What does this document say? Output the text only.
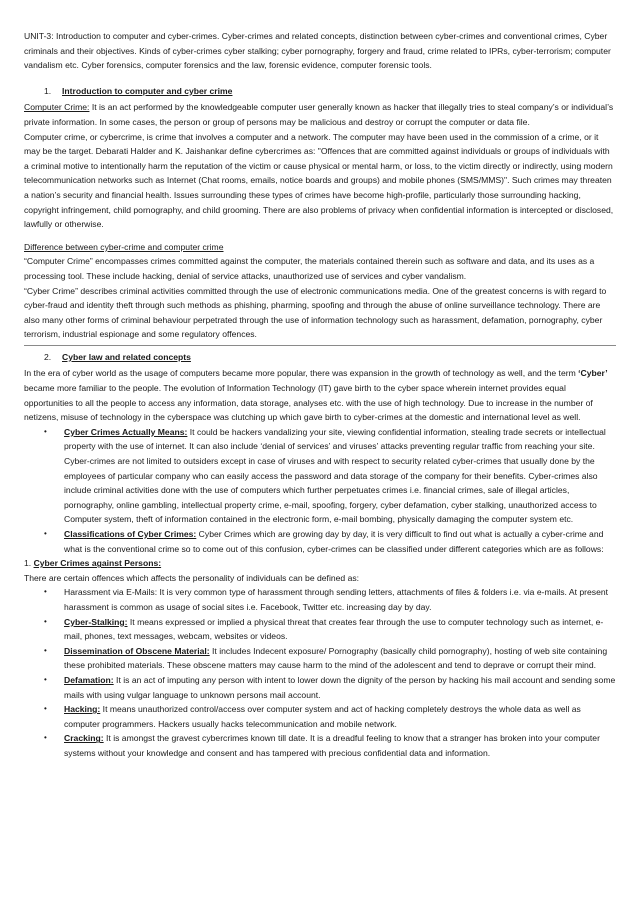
UNIT-3: Introduction to computer and cyber-crimes. Cyber-crimes and related concepts, distinction between cyber-crimes and conventional crimes, Cyber criminals and their objectives. Kinds of cyber-crimes cyber stalking; cyber pornography, forgery and fraud, crime related to IPRs, cyber-terrorism; computer vandalism etc. Cyber forensics, computer forensics and the law, forensic evidence, computer forensic tools.

1. Introduction to computer and cyber crime

Computer Crime: It is an act performed by the knowledgeable computer user generally known as hacker that illegally tries to steal company’s or individual’s private information. In some cases, the person or group of persons may be malicious and destroy or corrupt the computer or data file.

Computer crime, or cybercrime, is crime that involves a computer and a network. The computer may have been used in the commission of a crime, or it may be the target. Debarati Halder and K. Jaishankar define cybercrimes as: "Offences that are committed against individuals or groups of individuals with a criminal motive to intentionally harm the reputation of the victim or cause physical or mental harm, or loss, to the victim directly or indirectly, using modern telecommunication networks such as Internet (Chat rooms, emails, notice boards and groups) and mobile phones (SMS/MMS)". Such crimes may threaten a nation’s security and financial health. Issues surrounding these types of crimes have become high-profile, particularly those surrounding hacking, copyright infringement, child pornography, and child grooming. There are also problems of privacy when confidential information is intercepted or disclosed, lawfully or otherwise.

Difference between cyber-crime and computer crime

“Computer Crime” encompasses crimes committed against the computer, the materials contained therein such as software and data, and its uses as a processing tool. These include hacking, denial of service attacks, unauthorized use of services and cyber vandalism.

“Cyber Crime” describes criminal activities committed through the use of electronic communications media. One of the greatest concerns is with regard to cyber-fraud and identity theft through such methods as phishing, pharming, spoofing and through the abuse of online surveillance technology. There are also many other forms of criminal behaviour perpetrated through the use of information technology such as harassment, defamation, pornography, cyber terrorism, industrial espionage and some regulatory offences.

2. Cyber law and related concepts

In the era of cyber world as the usage of computers became more popular, there was expansion in the growth of technology as well, and the term ‘Cyber’ became more familiar to the people. The evolution of Information Technology (IT) gave birth to the cyber space wherein internet provides equal opportunities to all the people to access any information, data storage, analyses etc. with the use of high technology. Due to increase in the number of netizens, misuse of technology in the cyberspace was clutching up which gave birth to cyber-crimes at the domestic and international level as well.

• Cyber Crimes Actually Means: It could be hackers vandalizing your site, viewing confidential information, stealing trade secrets or intellectual property with the use of internet. It can also include ‘denial of services’ and viruses’ attacks preventing regular traffic from reaching your site. Cyber-crimes are not limited to outsiders except in case of viruses and with respect to security related cyber-crimes that usually done by the employees of particular company who can easily access the password and data storage of the company for their benefits. Cyber-crimes also include criminal activities done with the use of computers which further perpetuates crimes i.e. financial crimes, sale of illegal articles, pornography, online gambling, intellectual property crime, e-mail, spoofing, forgery, cyber defamation, cyber stalking, unauthorized access to Computer system, theft of information contained in the electronic form, e-mail bombing, physically damaging the computer system etc.
• Classifications of Cyber Crimes: Cyber Crimes which are growing day by day, it is very difficult to find out what is actually a cyber-crime and what is the conventional crime so to come out of this confusion, cyber-crimes can be classified under different categories which are as follows:

1. Cyber Crimes against Persons:

There are certain offences which affects the personality of individuals can be defined as:

• Harassment via E-Mails: It is very common type of harassment through sending letters, attachments of files & folders i.e. via e-mails. At present harassment is common as usage of social sites i.e. Facebook, Twitter etc. increasing day by day.
• Cyber-Stalking: It means expressed or implied a physical threat that creates fear through the use to computer technology such as internet, e-mail, phones, text messages, webcam, websites or videos.
• Dissemination of Obscene Material: It includes Indecent exposure/ Pornography (basically child pornography), hosting of web site containing these prohibited materials. These obscene matters may cause harm to the mind of the adolescent and tend to deprave or corrupt their mind.
• Defamation: It is an act of imputing any person with intent to lower down the dignity of the person by hacking his mail account and sending some mails with using vulgar language to unknown persons mail account.
• Hacking: It means unauthorized control/access over computer system and act of hacking completely destroys the whole data as well as computer programmers. Hackers usually hacks telecommunication and mobile network.
• Cracking: It is amongst the gravest cybercrimes known till date. It is a dreadful feeling to know that a stranger has broken into your computer systems without your knowledge and consent and has tampered with precious confidential data and information.
